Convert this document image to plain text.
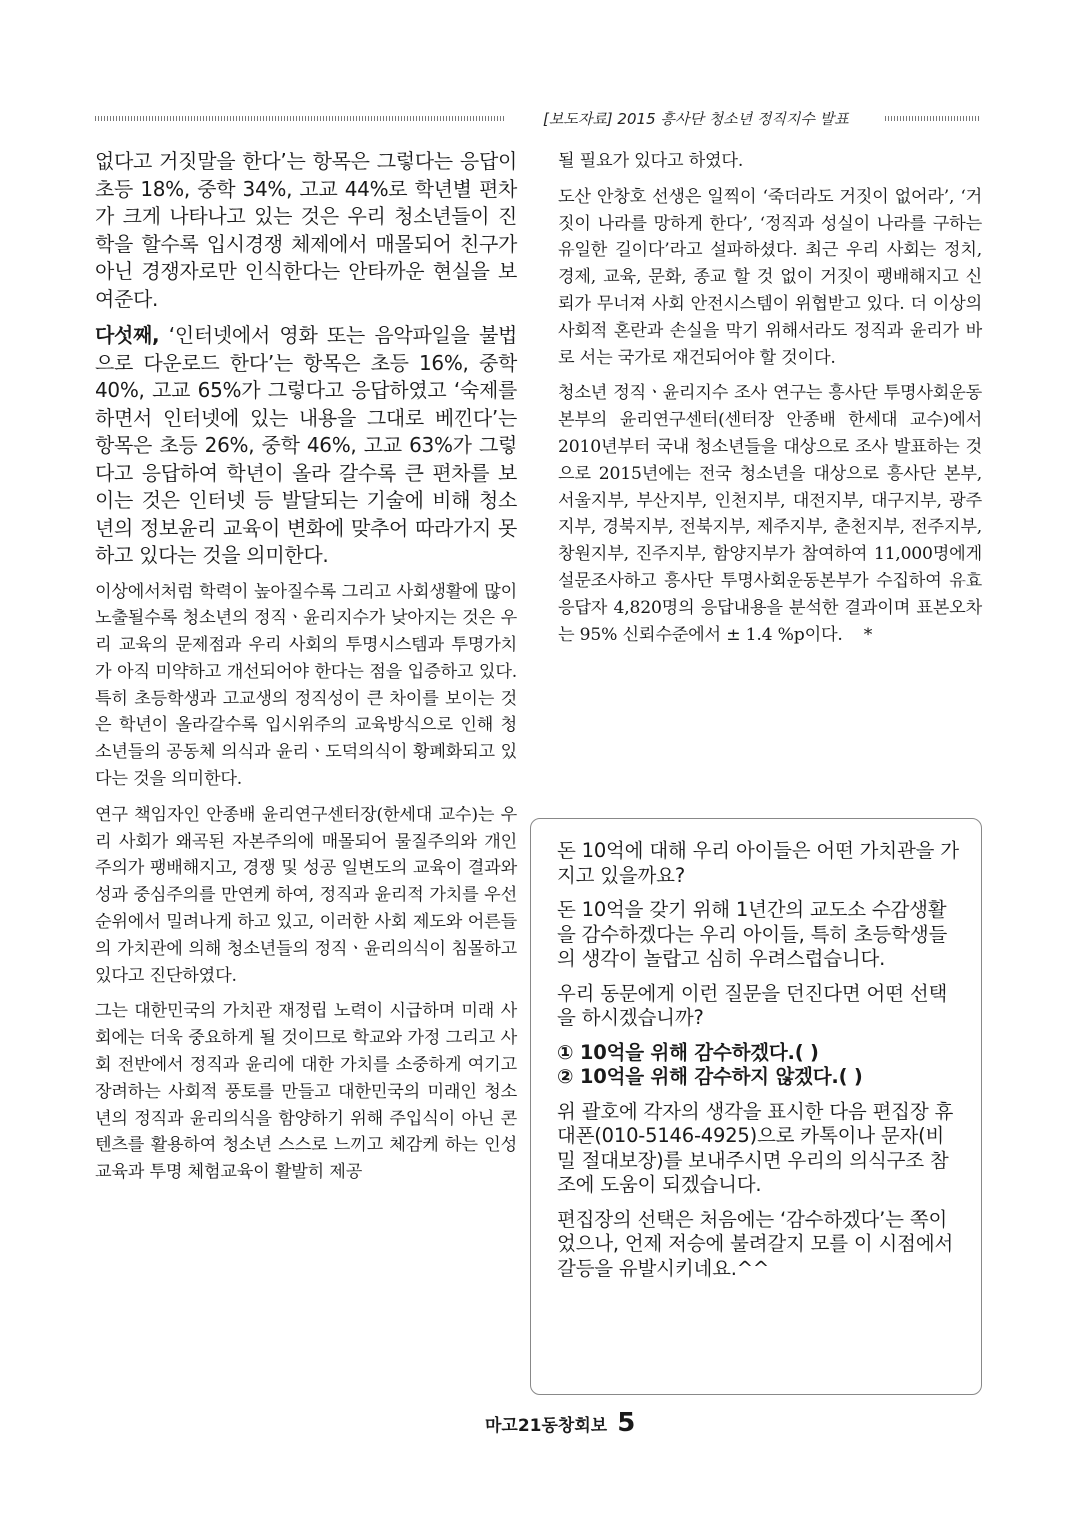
[보도자료] 2015 흥사단 청소년 정직지수 발표

없다고 거짓말을 한다’는 항목은 그렇다는 응답이 초등 18%, 중학 34%, 고교 44%로 학년별 편차가 크게 나타나고 있는 것은 우리 청소년들이 진학을 할수록 입시경쟁 체제에서 매몰되어 친구가 아닌 경쟁자로만 인식한다는 안타까운 현실을 보여준다.

다섯째, ‘인터넷에서 영화 또는 음악파일을 불법으로 다운로드 한다’는 항목은 초등 16%, 중학 40%, 고교 65%가 그렇다고 응답하였고 ‘숙제를 하면서 인터넷에 있는 내용을 그대로 베낀다’는 항목은 초등 26%, 중학 46%, 고교 63%가 그렇다고 응답하여 학년이 올라 갈수록 큰 편차를 보이는 것은 인터넷 등 발달되는 기술에 비해 청소년의 정보윤리 교육이 변화에 맞추어 따라가지 못하고 있다는 것을 의미한다.

이상에서처럼 학력이 높아질수록 그리고 사회생활에 많이 노출될수록 청소년의 정직ㆍ윤리지수가 낮아지는 것은 우리 교육의 문제점과 우리 사회의 투명시스템과 투명가치가 아직 미약하고 개선되어야 한다는 점을 입증하고 있다. 특히 초등학생과 고교생의 정직성이 큰 차이를 보이는 것은 학년이 올라갈수록 입시위주의 교육방식으로 인해 청소년들의 공동체 의식과 윤리ㆍ도덕의식이 황폐화되고 있다는 것을 의미한다.

연구 책임자인 안종배 윤리연구센터장(한세대 교수)는 우리 사회가 왜곡된 자본주의에 매몰되어 물질주의와 개인주의가 팽배해지고, 경쟁 및 성공 일변도의 교육이 결과와 성과 중심주의를 만연케 하여, 정직과 윤리적 가치를 우선순위에서 밀려나게 하고 있고, 이러한 사회 제도와 어른들의 가치관에 의해 청소년들의 정직ㆍ윤리의식이 침몰하고 있다고 진단하였다.

그는 대한민국의 가치관 재정립 노력이 시급하며 미래 사회에는 더욱 중요하게 될 것이므로 학교와 가정 그리고 사회 전반에서 정직과 윤리에 대한 가치를 소중하게 여기고 장려하는 사회적 풍토를 만들고 대한민국의 미래인 청소년의 정직과 윤리의식을 함양하기 위해 주입식이 아닌 콘텐츠를 활용하여 청소년 스스로 느끼고 체감케 하는 인성 교육과 투명 체험교육이 활발히 제공

될 필요가 있다고 하였다.

도산 안창호 선생은 일찍이 ‘죽더라도 거짓이 없어라’, ‘거짓이 나라를 망하게 한다’, ‘정직과 성실이 나라를 구하는 유일한 길이다’라고 설파하셨다. 최근 우리 사회는 정치, 경제, 교육, 문화, 종교 할 것 없이 거짓이 팽배해지고 신뢰가 무너져 사회 안전시스템이 위협받고 있다. 더 이상의 사회적 혼란과 손실을 막기 위해서라도 정직과 윤리가 바로 서는 국가로 재건되어야 할 것이다.

청소년 정직ㆍ윤리지수 조사 연구는 흥사단 투명사회운동본부의 윤리연구센터(센터장 안종배 한세대 교수)에서 2010년부터 국내 청소년들을 대상으로 조사 발표하는 것으로 2015년에는 전국 청소년을 대상으로 흥사단 본부, 서울지부, 부산지부, 인천지부, 대전지부, 대구지부, 광주지부, 경북지부, 전북지부, 제주지부, 춘천지부, 전주지부, 창원지부, 진주지부, 함양지부가 참여하여 11,000명에게 설문조사하고 흥사단 투명사회운동본부가 수집하여 유효 응답자 4,820명의 응답내용을 분석한 결과이며 표본오차는 95% 신뢰수준에서 ± 1.4 %p이다. *

돈 10억에 대해 우리 아이들은 어떤 가치관을 가지고 있을까요?

돈 10억을 갖기 위해 1년간의 교도소 수감생활을 감수하겠다는 우리 아이들, 특히 초등학생들의 생각이 놀랍고 심히 우려스럽습니다.

우리 동문에게 이런 질문을 던진다면 어떤 선택을 하시겠습니까?

① 10억을 위해 감수하겠다.( )

② 10억을 위해 감수하지 않겠다.( )

위 괄호에 각자의 생각을 표시한 다음 편집장 휴대폰(010-5146-4925)으로 카톡이나 문자(비밀 절대보장)를 보내주시면 우리의 의식구조 참조에 도움이 되겠습니다.

편집장의 선택은 처음에는 ‘감수하겠다’는 쪽이었으나, 언제 저승에 불려갈지 모를 이 시점에서 갈등을 유발시키네요.^^

마고21동창회보 5
